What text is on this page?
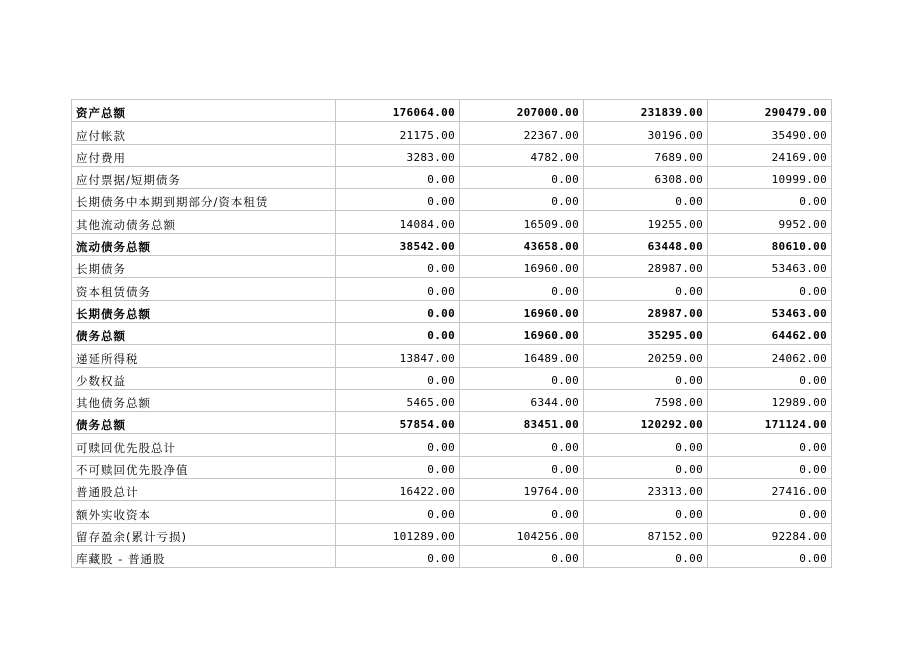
资产总额	176064.00	207000.00	231839.00	290479.00
应付帐款	21175.00	22367.00	30196.00	35490.00
应付费用	3283.00	4782.00	7689.00	24169.00
应付票据/短期债务	0.00	0.00	6308.00	10999.00
长期债务中本期到期部分/资本租赁	0.00	0.00	0.00	0.00
其他流动债务总额	14084.00	16509.00	19255.00	9952.00
流动债务总额	38542.00	43658.00	63448.00	80610.00
长期债务	0.00	16960.00	28987.00	53463.00
资本租赁债务	0.00	0.00	0.00	0.00
长期债务总额	0.00	16960.00	28987.00	53463.00
债务总额	0.00	16960.00	35295.00	64462.00
递延所得税	13847.00	16489.00	20259.00	24062.00
少数权益	0.00	0.00	0.00	0.00
其他债务总额	5465.00	6344.00	7598.00	12989.00
债务总额	57854.00	83451.00	120292.00	171124.00
可赎回优先股总计	0.00	0.00	0.00	0.00
不可赎回优先股净值	0.00	0.00	0.00	0.00
普通股总计	16422.00	19764.00	23313.00	27416.00
额外实收资本	0.00	0.00	0.00	0.00
留存盈余(累计亏损)	101289.00	104256.00	87152.00	92284.00
库藏股 - 普通股	0.00	0.00	0.00	0.00
